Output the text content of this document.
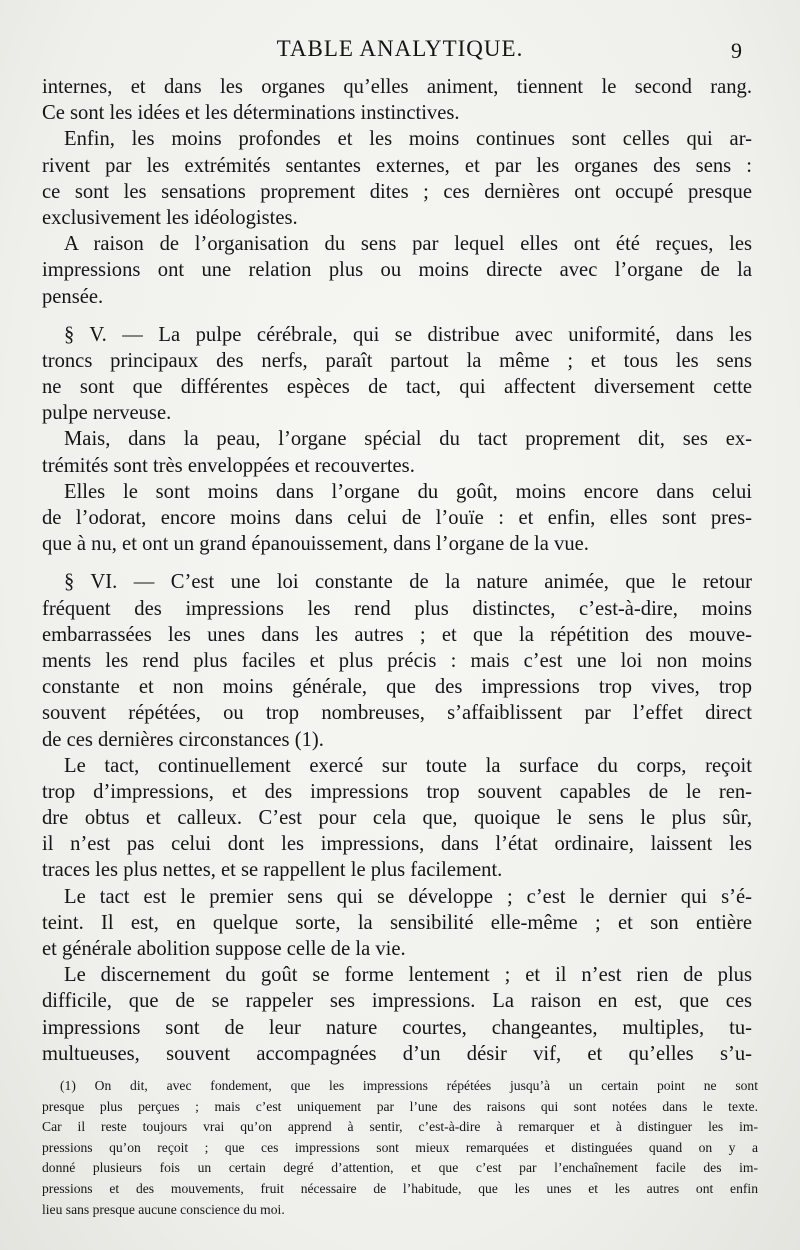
TABLE ANALYTIQUE.	9
internes, et dans les organes qu’elles animent, tiennent le second rang.
Ce sont les idées et les déterminations instinctives.
Enfin, les moins profondes et les moins continues sont celles qui ar-
rivent par les extrémités sentantes externes, et par les organes des sens :
ce sont les sensations proprement dites ; ces dernières ont occupé presque
exclusivement les idéologistes.
A raison de l’organisation du sens par lequel elles ont été reçues, les
impressions ont une relation plus ou moins directe avec l’organe de la
pensée.
§ V. — La pulpe cérébrale, qui se distribue avec uniformité, dans les
troncs principaux des nerfs, paraît partout la même ; et tous les sens
ne sont que différentes espèces de tact, qui affectent diversement cette
pulpe nerveuse.
Mais, dans la peau, l’organe spécial du tact proprement dit, ses ex-
trémités sont très enveloppées et recouvertes.
Elles le sont moins dans l’organe du goût, moins encore dans celui
de l’odorat, encore moins dans celui de l’ouïe : et enfin, elles sont pres-
que à nu, et ont un grand épanouissement, dans l’organe de la vue.
§ VI. — C’est une loi constante de la nature animée, que le retour
fréquent des impressions les rend plus distinctes, c’est-à-dire, moins
embarrassées les unes dans les autres ; et que la répétition des mouve-
ments les rend plus faciles et plus précis : mais c’est une loi non moins
constante et non moins générale, que des impressions trop vives, trop
souvent répétées, ou trop nombreuses, s’affaiblissent par l’effet direct
de ces dernières circonstances (1).
Le tact, continuellement exercé sur toute la surface du corps, reçoit
trop d’impressions, et des impressions trop souvent capables de le ren-
dre obtus et calleux. C’est pour cela que, quoique le sens le plus sûr,
il n’est pas celui dont les impressions, dans l’état ordinaire, laissent les
traces les plus nettes, et se rappellent le plus facilement.
Le tact est le premier sens qui se développe ; c’est le dernier qui s’é-
teint. Il est, en quelque sorte, la sensibilité elle-même ; et son entière
et générale abolition suppose celle de la vie.
Le discernement du goût se forme lentement ; et il n’est rien de plus
difficile, que de se rappeler ses impressions. La raison en est, que ces
impressions sont de leur nature courtes, changeantes, multiples, tu-
multueuses, souvent accompagnées d’un désir vif, et qu’elles s’u-
(1) On dit, avec fondement, que les impressions répétées jusqu’à un certain point ne sont
presque plus perçues ; mais c’est uniquement par l’une des raisons qui sont notées dans le texte.
Car il reste toujours vrai qu’on apprend à sentir, c’est-à-dire à remarquer et à distinguer les im-
pressions qu’on reçoit ; que ces impressions sont mieux remarquées et distinguées quand on y a
donné plusieurs fois un certain degré d’attention, et que c’est par l’enchaînement facile des im-
pressions et des mouvements, fruit nécessaire de l’habitude, que les unes et les autres ont enfin
lieu sans presque aucune conscience du moi.
